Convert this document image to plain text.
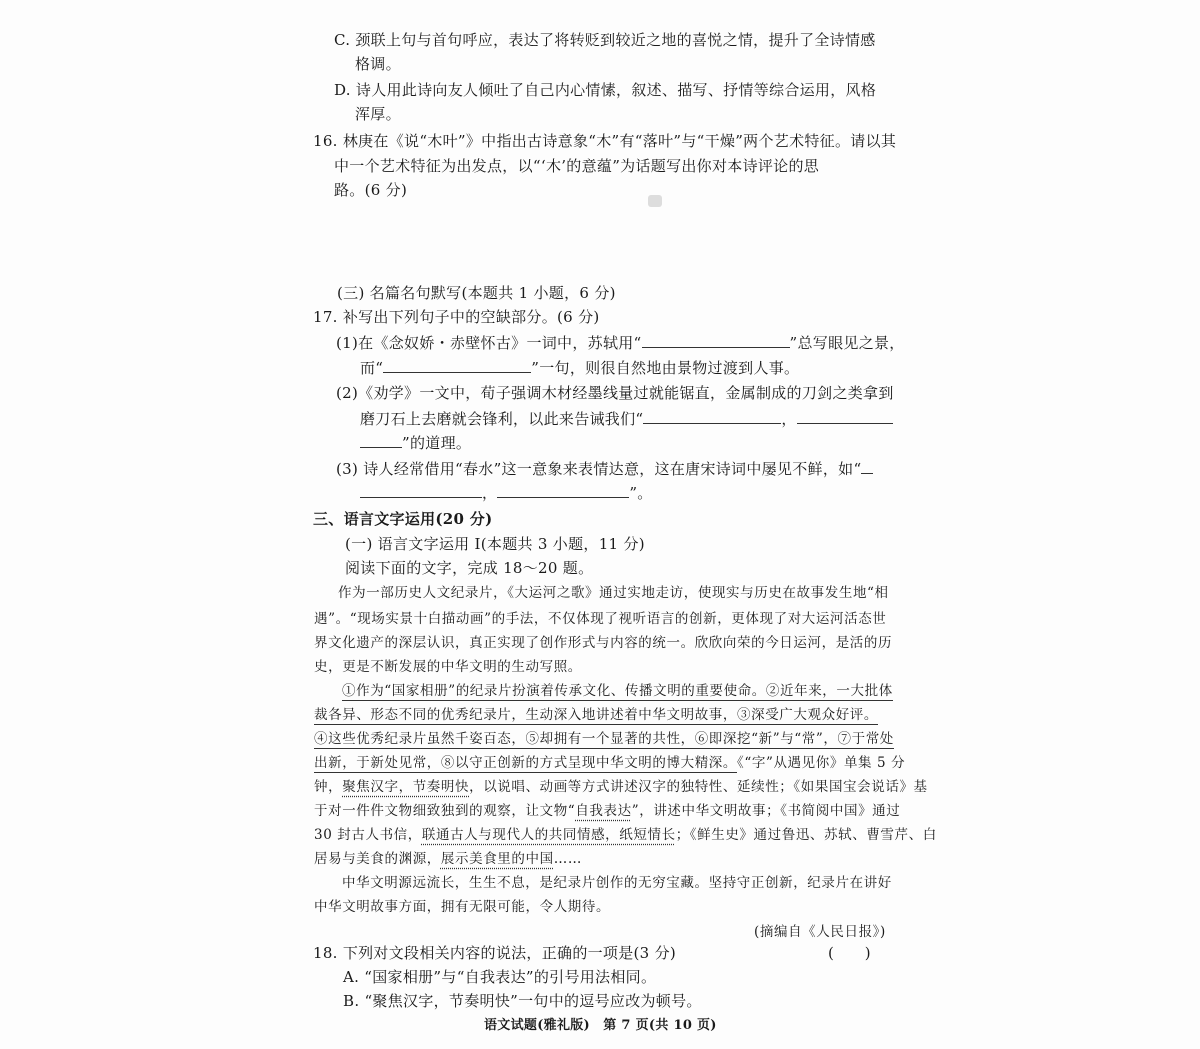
C. 颈联上句与首句呼应，表达了将转贬到较近之地的喜悦之情，提升了全诗情感
格调。
D. 诗人用此诗向友人倾吐了自己内心情愫，叙述、描写、抒情等综合运用，风格
浑厚。
16. 林庚在《说“木叶”》中指出古诗意象“木”有“落叶”与“干燥”两个艺术特征。请以其
中一个艺术特征为出发点，以“‘木’的意蕴”为话题写出你对本诗评论的思
路。(6 分)
(三) 名篇名句默写(本题共 1 小题，6 分)
17. 补写出下列句子中的空缺部分。(6 分)
(1)在《念奴娇・赤壁怀古》一词中，苏轼用“	”总写眼见之景，
而“	”一句，则很自然地由景物过渡到人事。
(2)《劝学》一文中，荀子强调木材经墨线量过就能锯直，金属制成的刀剑之类拿到
磨刀石上去磨就会锋利，以此来告诫我们“	，
”的道理。
(3) 诗人经常借用“春水”这一意象来表情达意，这在唐宋诗词中屡见不鲜，如“
，	”。
三、语言文字运用(20 分)
(一) 语言文字运用 Ⅰ(本题共 3 小题，11 分)
阅读下面的文字，完成 18～20 题。
作为一部历史人文纪录片，《大运河之歌》通过实地走访，使现实与历史在故事发生地“相
遇”。“现场实景十白描动画”的手法，不仅体现了视听语言的创新，更体现了对大运河活态世
界文化遗产的深层认识，真正实现了创作形式与内容的统一。欣欣向荣的今日运河，是活的历
史，更是不断发展的中华文明的生动写照。
①作为“国家相册”的纪录片扮演着传承文化、传播文明的重要使命。②近年来，一大批体
裁各异、形态不同的优秀纪录片，生动深入地讲述着中华文明故事，③深受广大观众好评。
④这些优秀纪录片虽然千姿百态，⑤却拥有一个显著的共性，⑥即深挖“新”与“常”，⑦于常处
出新，于新处见常，⑧以守正创新的方式呈现中华文明的博大精深。《“字”从遇见你》单集 5 分
钟，聚焦汉字，节奏明快，以说唱、动画等方式讲述汉字的独特性、延续性；《如果国宝会说话》基
于对一件件文物细致独到的观察，让文物“自我表达”，讲述中华文明故事；《书简阅中国》通过
30 封古人书信，联通古人与现代人的共同情感，纸短情长；《鲜生史》通过鲁迅、苏轼、曹雪芹、白
居易与美食的渊源，展示美食里的中国……
中华文明源远流长，生生不息，是纪录片创作的无穷宝藏。坚持守正创新，纪录片在讲好
中华文明故事方面，拥有无限可能，令人期待。
(摘编自《人民日报》)
18. 下列对文段相关内容的说法，正确的一项是(3 分)	(　　)
A. “国家相册”与“自我表达”的引号用法相同。
B. “聚焦汉字，节奏明快”一句中的逗号应改为顿号。
语文试题(雅礼版)　第 7 页(共 10 页)
